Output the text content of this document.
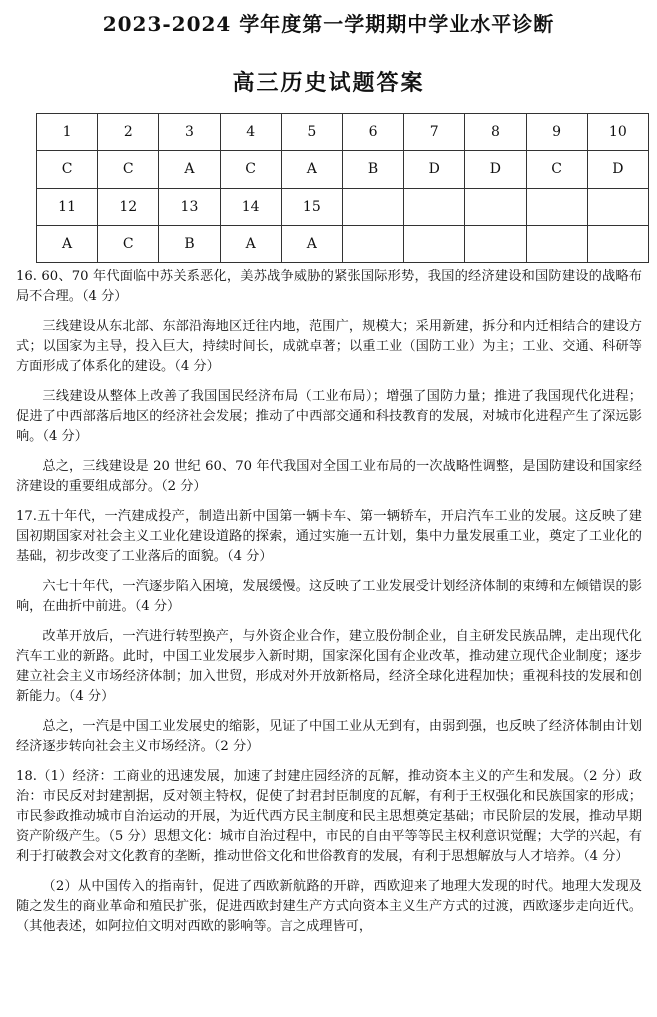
2023-2024 学年度第一学期期中学业水平诊断
高三历史试题答案
1	2	3	4	5	6	7	8	9	10
C	C	A	C	A	B	D	D	C	D
11	12	13	14	15					
A	C	B	A	A					

16. 60、70 年代面临中苏关系恶化，美苏战争威胁的紧张国际形势，我国的经济建设和国防建设的战略布局不合理。（4 分）

三线建设从东北部、东部沿海地区迁往内地，范围广，规模大；采用新建，拆分和内迁相结合的建设方式；以国家为主导，投入巨大，持续时间长，成就卓著；以重工业（国防工业）为主；工业、交通、科研等方面形成了体系化的建设。（4 分）

三线建设从整体上改善了我国国民经济布局（工业布局）；增强了国防力量；推进了我国现代化进程；促进了中西部落后地区的经济社会发展；推动了中西部交通和科技教育的发展，对城市化进程产生了深远影响。（4 分）

总之，三线建设是 20 世纪 60、70 年代我国对全国工业布局的一次战略性调整，是国防建设和国家经济建设的重要组成部分。（2 分）

17.五十年代，一汽建成投产，制造出新中国第一辆卡车、第一辆轿车，开启汽车工业的发展。这反映了建国初期国家对社会主义工业化建设道路的探索，通过实施一五计划，集中力量发展重工业，奠定了工业化的基础，初步改变了工业落后的面貌。（4 分）

六七十年代，一汽逐步陷入困境，发展缓慢。这反映了工业发展受计划经济体制的束缚和左倾错误的影响，在曲折中前进。（4 分）

改革开放后，一汽进行转型换产，与外资企业合作，建立股份制企业，自主研发民族品牌，走出现代化汽车工业的新路。此时，中国工业发展步入新时期，国家深化国有企业改革，推动建立现代企业制度；逐步建立社会主义市场经济体制；加入世贸，形成对外开放新格局，经济全球化进程加快；重视科技的发展和创新能力。（4 分）

总之，一汽是中国工业发展史的缩影，见证了中国工业从无到有，由弱到强，也反映了经济体制由计划经济逐步转向社会主义市场经济。（2 分）

18.（1）经济：工商业的迅速发展，加速了封建庄园经济的瓦解，推动资本主义的产生和发展。（2 分）政治：市民反对封建割据，反对领主特权，促使了封君封臣制度的瓦解，有利于王权强化和民族国家的形成；市民参政推动城市自治运动的开展，为近代西方民主制度和民主思想奠定基础；市民阶层的发展，推动早期资产阶级产生。（5 分）思想文化：城市自治过程中，市民的自由平等等民主权利意识觉醒；大学的兴起，有利于打破教会对文化教育的垄断，推动世俗文化和世俗教育的发展，有利于思想解放与人才培养。（4 分）

（2）从中国传入的指南针，促进了西欧新航路的开辟，西欧迎来了地理大发现的时代。地理大发现及随之发生的商业革命和殖民扩张，促进西欧封建生产方式向资本主义生产方式的过渡，西欧逐步走向近代。（其他表述，如阿拉伯文明对西欧的影响等。言之成理皆可，
